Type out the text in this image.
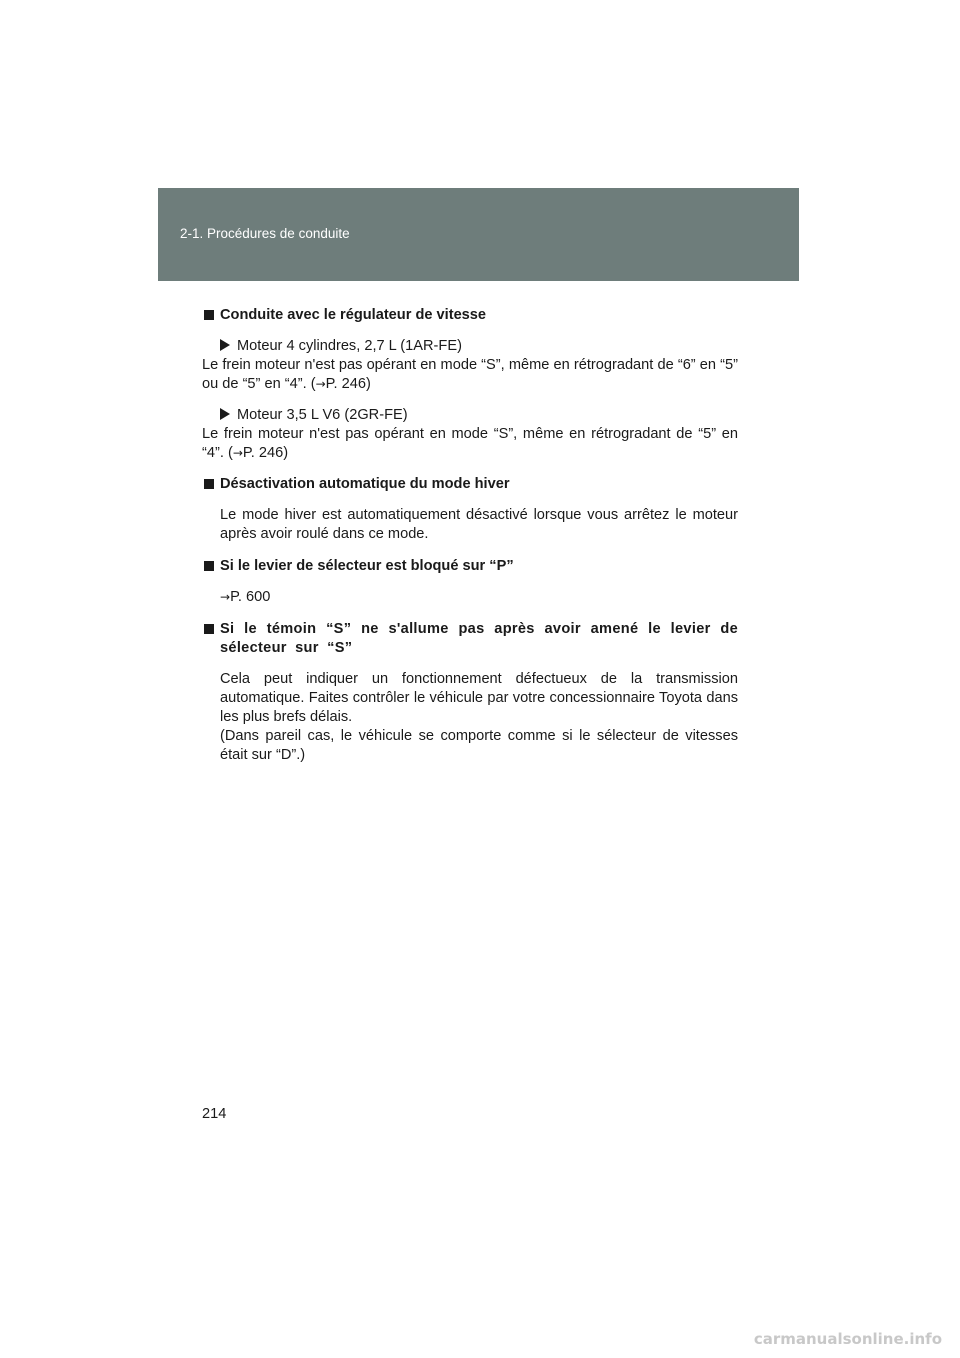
2-1. Procédures de conduite
Conduite avec le régulateur de vitesse
Moteur 4 cylindres, 2,7 L (1AR-FE)
Le frein moteur n'est pas opérant en mode “S”, même en rétrogradant de “6” en “5” ou de “5” en “4”. (→P. 246)
Moteur 3,5 L V6 (2GR-FE)
Le frein moteur n'est pas opérant en mode “S”, même en rétrogradant de “5” en “4”. (→P. 246)
Désactivation automatique du mode hiver

Le mode hiver est automatiquement désactivé lorsque vous arrêtez le moteur après avoir roulé dans ce mode.

Si le levier de sélecteur est bloqué sur “P”
→P. 600
Si le témoin “S” ne s'allume pas après avoir amené le levier de sélecteur sur “S”

Cela peut indiquer un fonctionnement défectueux de la transmission automatique. Faites contrôler le véhicule par votre concessionnaire Toyota dans les plus brefs délais.

(Dans pareil cas, le véhicule se comporte comme si le sélecteur de vitesses était sur “D”.)

214
carmanualsonline.info
